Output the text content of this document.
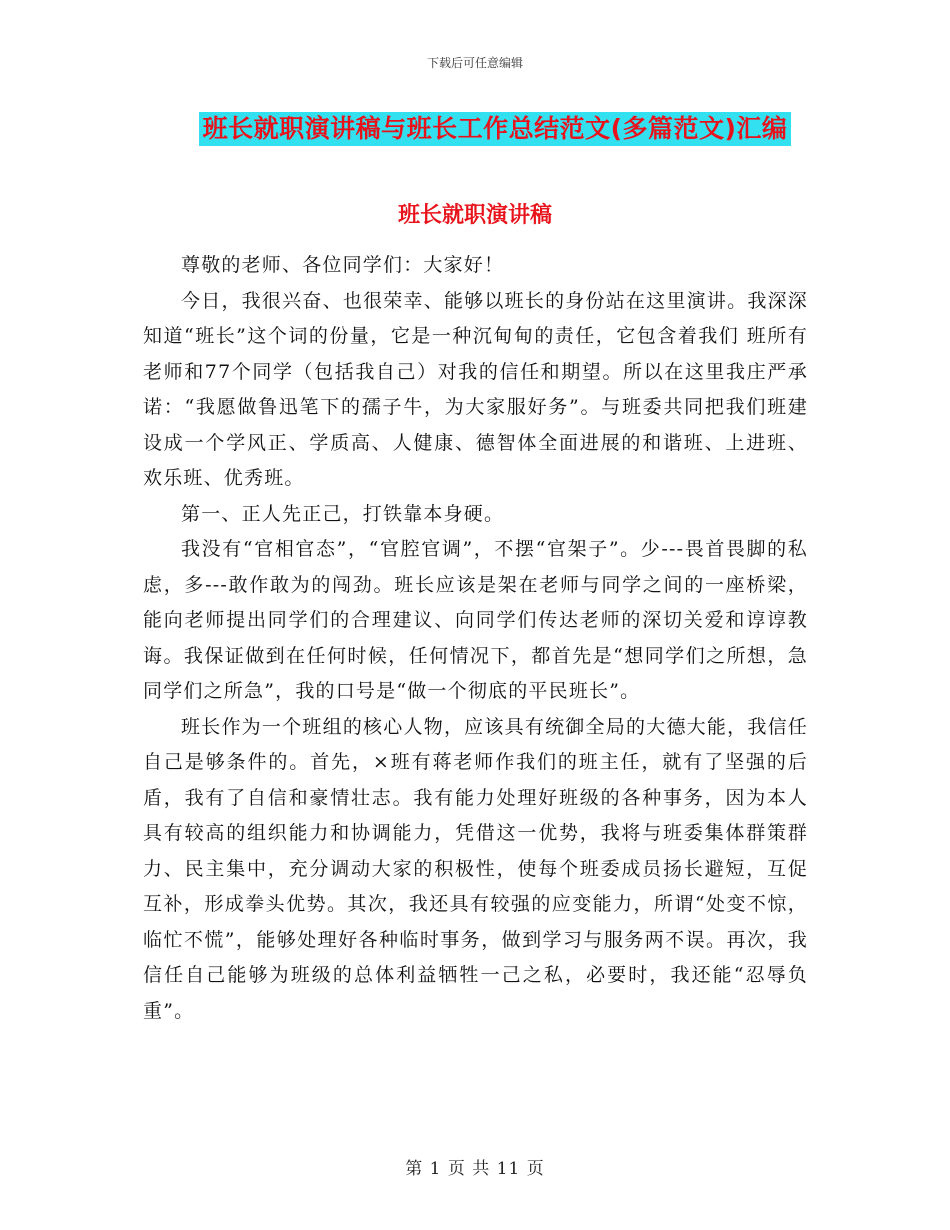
下载后可任意编辑
班长就职演讲稿与班长工作总结范文(多篇范文)汇编
班长就职演讲稿

尊敬的老师、各位同学们：大家好！

今日，我很兴奋、也很荣幸、能够以班长的身份站在这里演讲。我深深知道“班长”这个词的份量，它是一种沉甸甸的责任，它包含着我们 班所有老师和77个同学（包括我自己）对我的信任和期望。所以在这里我庄严承诺：“我愿做鲁迅笔下的孺子牛，为大家服好务”。与班委共同把我们班建设成一个学风正、学质高、人健康、德智体全面进展的和谐班、上进班、欢乐班、优秀班。

第一、正人先正己，打铁靠本身硬。

我没有“官相官态”，“官腔官调”，不摆“官架子”。少---畏首畏脚的私虑，多---敢作敢为的闯劲。班长应该是架在老师与同学之间的一座桥梁，能向老师提出同学们的合理建议、向同学们传达老师的深切关爱和谆谆教诲。我保证做到在任何时候，任何情况下，都首先是“想同学们之所想，急同学们之所急”，我的口号是“做一个彻底的平民班长”。

班长作为一个班组的核心人物，应该具有统御全局的大德大能，我信任自己是够条件的。首先，×班有蒋老师作我们的班主任，就有了坚强的后盾，我有了自信和豪情壮志。我有能力处理好班级的各种事务，因为本人具有较高的组织能力和协调能力，凭借这一优势，我将与班委集体群策群力、民主集中，充分调动大家的积极性，使每个班委成员扬长避短，互促互补，形成拳头优势。其次，我还具有较强的应变能力，所谓“处变不惊，临忙不慌”，能够处理好各种临时事务，做到学习与服务两不误。再次，我信任自己能够为班级的总体利益牺牲一己之私，必要时，我还能“忍辱负重”。

第 1 页 共 11 页
